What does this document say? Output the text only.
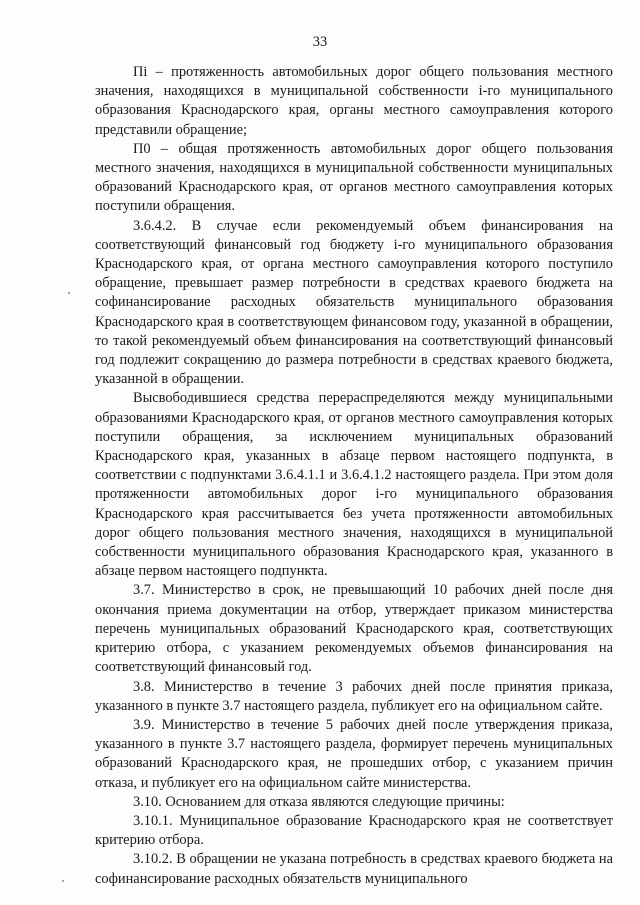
33

Пi – протяженность автомобильных дорог общего пользования местного значения, находящихся в муниципальной собственности i-го муниципального образования Краснодарского края, органы местного самоуправления которого представили обращение;

П0 – общая протяженность автомобильных дорог общего пользования местного значения, находящихся в муниципальной собственности муниципальных образований Краснодарского края, от органов местного самоуправления которых поступили обращения.

3.6.4.2. В случае если рекомендуемый объем финансирования на соответствующий финансовый год бюджету i-го муниципального образования Краснодарского края, от органа местного самоуправления которого поступило обращение, превышает размер потребности в средствах краевого бюджета на софинансирование расходных обязательств муниципального образования Краснодарского края в соответствующем финансовом году, указанной в обращении, то такой рекомендуемый объем финансирования на соответствующий финансовый год подлежит сокращению до размера потребности в средствах краевого бюджета, указанной в обращении.

Высвободившиеся средства перераспределяются между муниципальными образованиями Краснодарского края, от органов местного самоуправления которых поступили обращения, за исключением муниципальных образований Краснодарского края, указанных в абзаце первом настоящего подпункта, в соответствии с подпунктами 3.6.4.1.1 и 3.6.4.1.2 настоящего раздела. При этом доля протяженности автомобильных дорог i-го муниципального образования Краснодарского края рассчитывается без учета протяженности автомобильных дорог общего пользования местного значения, находящихся в муниципальной собственности муниципального образования Краснодарского края, указанного в абзаце первом настоящего подпункта.

3.7. Министерство в срок, не превышающий 10 рабочих дней после дня окончания приема документации на отбор, утверждает приказом министерства перечень муниципальных образований Краснодарского края, соответствующих критерию отбора, с указанием рекомендуемых объемов финансирования на соответствующий финансовый год.

3.8. Министерство в течение 3 рабочих дней после принятия приказа, указанного в пункте 3.7 настоящего раздела, публикует его на официальном сайте.

3.9. Министерство в течение 5 рабочих дней после утверждения приказа, указанного в пункте 3.7 настоящего раздела, формирует перечень муниципальных образований Краснодарского края, не прошедших отбор, с указанием причин отказа, и публикует его на официальном сайте министерства.

3.10. Основанием для отказа являются следующие причины:

3.10.1. Муниципальное образование Краснодарского края не соответствует критерию отбора.

3.10.2. В обращении не указана потребность в средствах краевого бюджета на софинансирование расходных обязательств муниципального
